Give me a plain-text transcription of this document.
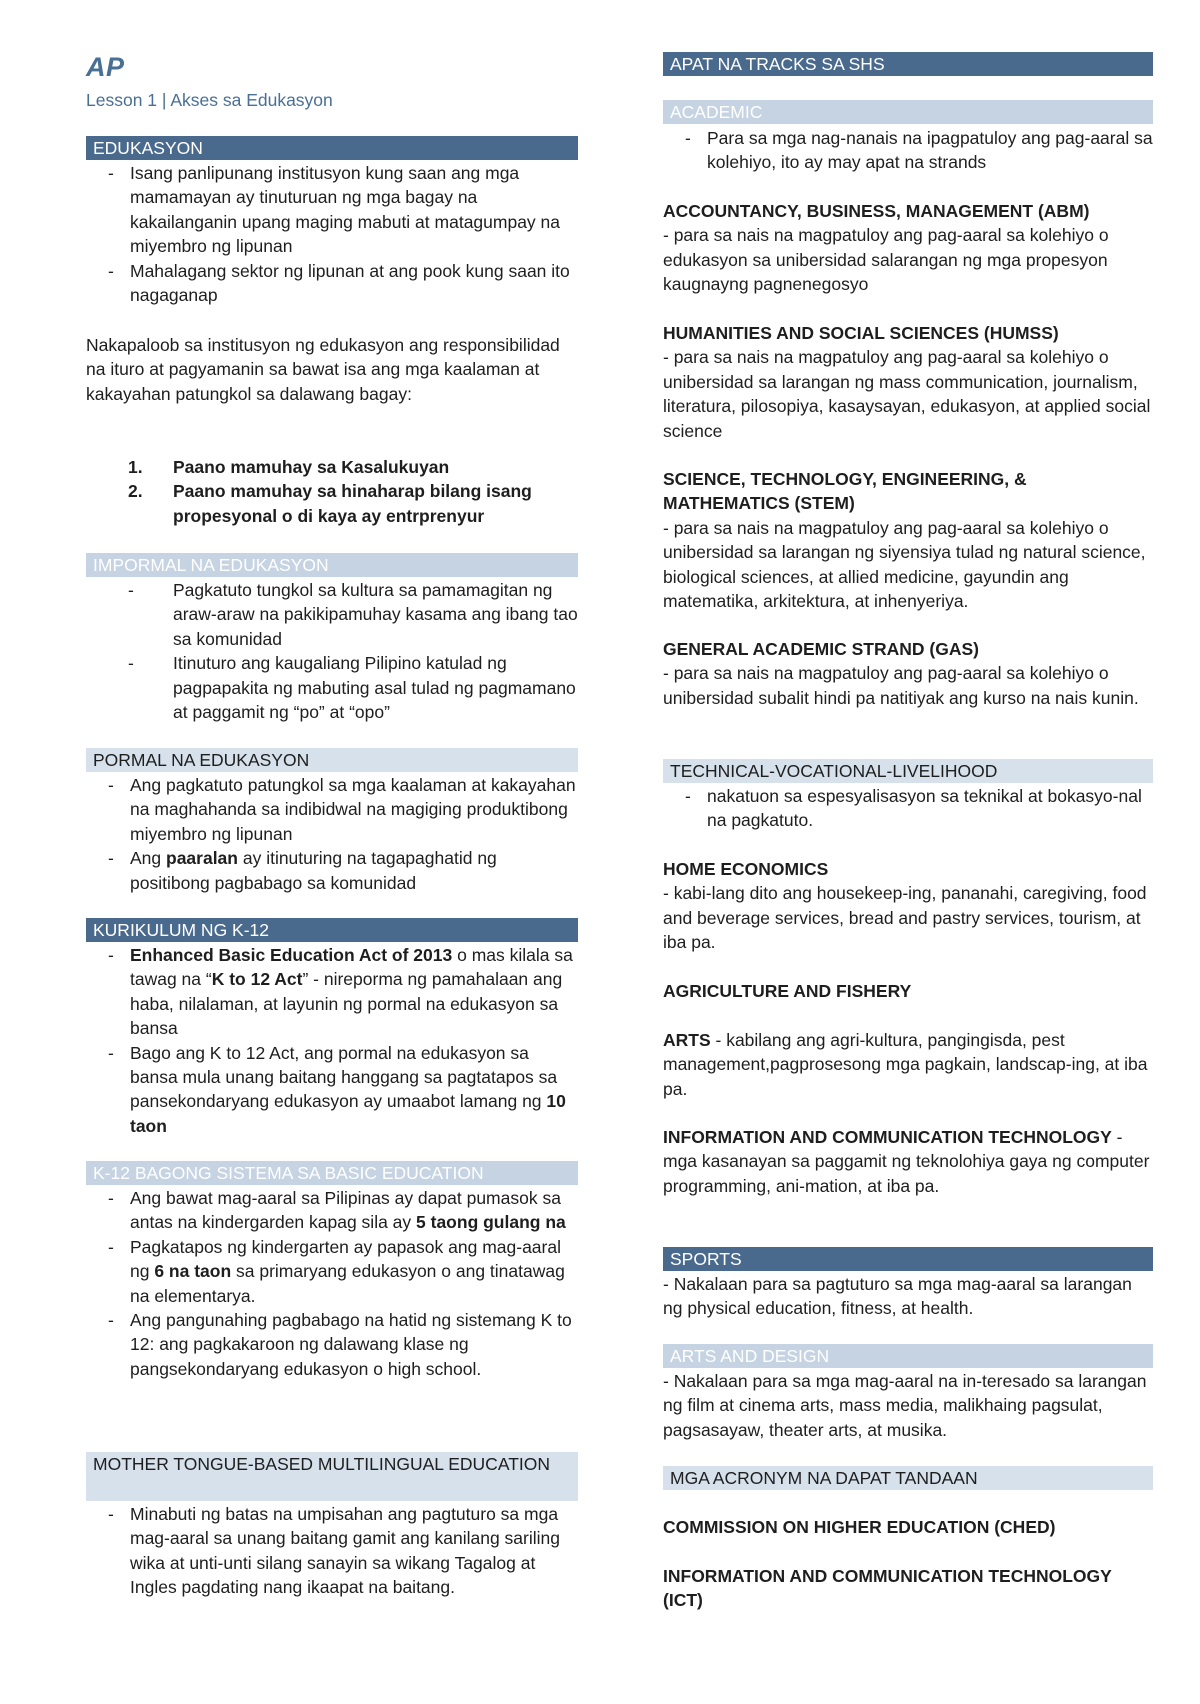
AP
Lesson 1 | Akses sa Edukasyon
EDUKASYON
- Isang panlipunang institusyon kung saan ang mga mamamayan ay tinuturuan ng mga bagay na kakailanganin upang maging mabuti at matagumpay na miyembro ng lipunan
- Mahalagang sektor ng lipunan at ang pook kung saan ito nagaganap

Nakapaloob sa institusyon ng edukasyon ang responsibilidad na ituro at pagyamanin sa bawat isa ang mga kaalaman at kakayahan patungkol sa dalawang bagay:

1. Paano mamuhay sa Kasalukuyan
2. Paano mamuhay sa hinaharap bilang isang propesyonal o di kaya ay entrprenyur
IMPORMAL NA EDUKASYON
- Pagkatuto tungkol sa kultura sa pamamagitan ng araw-araw na pakikipamuhay kasama ang ibang tao sa komunidad
- Itinuturo ang kaugaliang Pilipino katulad ng pagpapakita ng mabuting asal tulad ng pagmamano at paggamit ng “po” at “opo”
PORMAL NA EDUKASYON
- Ang pagkatuto patungkol sa mga kaalaman at kakayahan na maghahanda sa indibidwal na magiging produktibong miyembro ng lipunan
- Ang paaralan ay itinuturing na tagapaghatid ng positibong pagbabago sa komunidad
KURIKULUM NG K-12
- Enhanced Basic Education Act of 2013 o mas kilala sa tawag na “K to 12 Act” - nireporma ng pamahalaan ang haba, nilalaman, at layunin ng pormal na edukasyon sa bansa
- Bago ang K to 12 Act, ang pormal na edukasyon sa bansa mula unang baitang hanggang sa pagtatapos sa pansekondaryang edukasyon ay umaabot lamang ng 10 taon
K-12 BAGONG SISTEMA SA BASIC EDUCATION
- Ang bawat mag-aaral sa Pilipinas ay dapat pumasok sa antas na kindergarden kapag sila ay 5 taong gulang na
- Pagkatapos ng kindergarten ay papasok ang mag-aaral ng 6 na taon sa primaryang edukasyon o ang tinatawag na elementarya.
- Ang pangunahing pagbabago na hatid ng sistemang K to 12: ang pagkakaroon ng dalawang klase ng pangsekondaryang edukasyon o high school.
MOTHER TONGUE-BASED MULTILINGUAL EDUCATION
- Minabuti ng batas na umpisahan ang pagtuturo sa mga mag-aaral sa unang baitang gamit ang kanilang sariling wika at unti-unti silang sanayin sa wikang Tagalog at Ingles pagdating nang ikaapat na baitang.
APAT NA TRACKS SA SHS
ACADEMIC
- Para sa mga nag-nanais na ipagpatuloy ang pag-aaral sa kolehiyo, ito ay may apat na strands

ACCOUNTANCY, BUSINESS, MANAGEMENT (ABM)

- para sa nais na magpatuloy ang pag-aaral sa kolehiyo o edukasyon sa unibersidad salarangan ng mga propesyon kaugnayng pagnenegosyo

HUMANITIES AND SOCIAL SCIENCES (HUMSS)

- para sa nais na magpatuloy ang pag-aaral sa kolehiyo o unibersidad sa larangan ng mass communication, journalism, literatura, pilosopiya, kasaysayan, edukasyon, at applied social science

SCIENCE, TECHNOLOGY, ENGINEERING, & MATHEMATICS (STEM)

- para sa nais na magpatuloy ang pag-aaral sa kolehiyo o unibersidad sa larangan ng siyensiya tulad ng natural science, biological sciences, at allied medicine, gayundin ang matematika, arkitektura, at inhenyeriya.

GENERAL ACADEMIC STRAND (GAS)

- para sa nais na magpatuloy ang pag-aaral sa kolehiyo o unibersidad subalit hindi pa natitiyak ang kurso na nais kunin.

TECHNICAL-VOCATIONAL-LIVELIHOOD
- nakatuon sa espesyalisasyon sa teknikal at bokasyo-nal na pagkatuto.

HOME ECONOMICS

- kabi-lang dito ang housekeep-ing, pananahi, caregiving, food and beverage services, bread and pastry services, tourism, at iba pa.

AGRICULTURE AND FISHERY

ARTS - kabilang ang agri-kultura, pangingisda, pest management,pagprosesong mga pagkain, landscap-ing, at iba pa.

INFORMATION AND COMMUNICATION TECHNOLOGY - mga kasanayan sa paggamit ng teknolohiya gaya ng computer programming, ani-mation, at iba pa.

SPORTS
- Nakalaan para sa pagtuturo sa mga mag-aaral sa larangan ng physical education, fitness, at health.
ARTS AND DESIGN
- Nakalaan para sa mga mag-aaral na in-teresado sa larangan ng film at cinema arts, mass media, malikhaing pagsulat, pagsasayaw, theater arts, at musika.
MGA ACRONYM NA DAPAT TANDAAN

COMMISSION ON HIGHER EDUCATION (CHED)

INFORMATION AND COMMUNICATION TECHNOLOGY (ICT)
